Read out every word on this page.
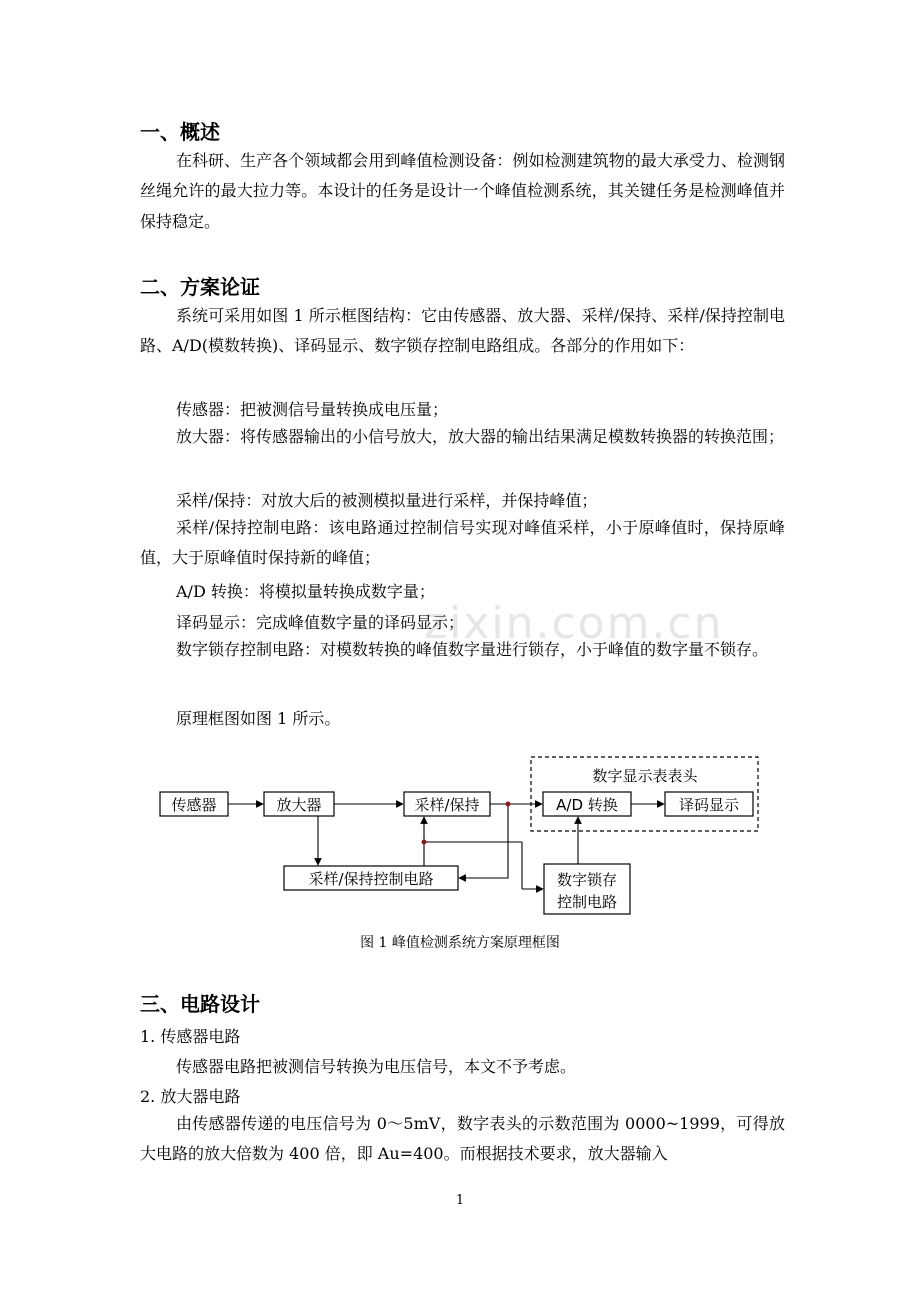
zixin.com.cn
一、概述

在科研、生产各个领域都会用到峰值检测设备：例如检测建筑物的最大承受力、检测钢丝绳允许的最大拉力等。本设计的任务是设计一个峰值检测系统，其关键任务是检测峰值并保持稳定。

二、方案论证

系统可采用如图 1 所示框图结构：它由传感器、放大器、采样/保持、采样/保持控制电路、A/D(模数转换)、译码显示、数字锁存控制电路组成。各部分的作用如下：

传感器：把被测信号量转换成电压量；

放大器：将传感器输出的小信号放大，放大器的输出结果满足模数转换器的转换范围；

采样/保持：对放大后的被测模拟量进行采样，并保持峰值；

采样/保持控制电路：该电路通过控制信号实现对峰值采样，小于原峰值时，保持原峰值，大于原峰值时保持新的峰值；

A/D 转换：将模拟量转换成数字量；
译码显示：完成峰值数字量的译码显示；

数字锁存控制电路：对模数转换的峰值数字量进行锁存，小于峰值的数字量不锁存。

原理框图如图 1 所示。
数字显示表表头
传感器	放大器	采样/保持	A/D 转换	译码显示
采样/保持控制电路	数字锁存
控制电路
图 1 峰值检测系统方案原理框图
三、电路设计
1. 传感器电路
传感器电路把被测信号转换为电压信号，本文不予考虑。
2. 放大器电路

由传感器传递的电压信号为 0～5mV，数字表头的示数范围为 0000~1999，可得放大电路的放大倍数为 400 倍，即 Au=400。而根据技术要求，放大器输入

1
